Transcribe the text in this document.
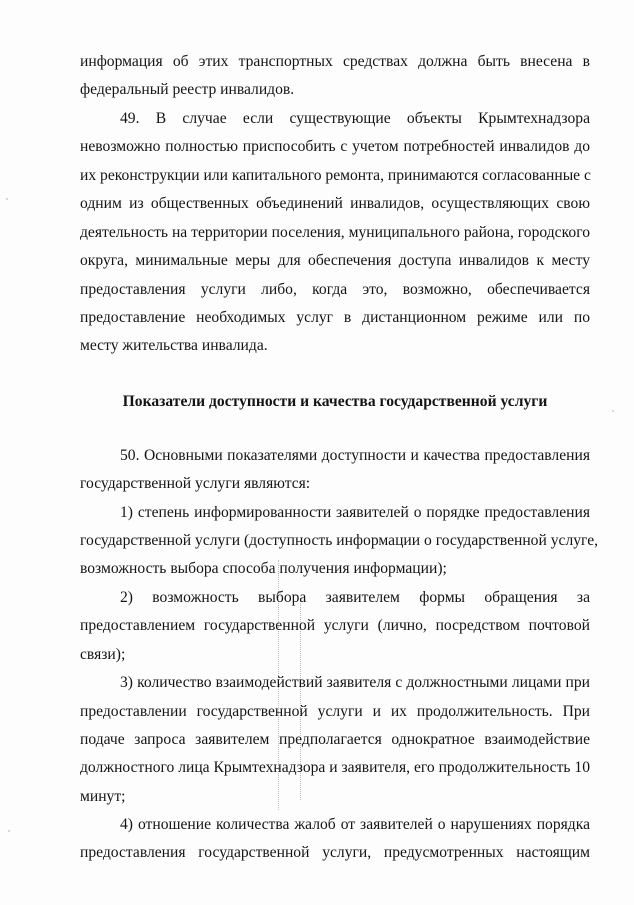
информация об этих транспортных средствах должна быть внесена в
федеральный реестр инвалидов.
49. В случае если существующие объекты Крымтехнадзора
невозможно полностью приспособить с учетом потребностей инвалидов до
их реконструкции или капитального ремонта, принимаются согласованные с
одним из общественных объединений инвалидов, осуществляющих свою
деятельность на территории поселения, муниципального района, городского
округа, минимальные меры для обеспечения доступа инвалидов к месту
предоставления услуги либо, когда это, возможно, обеспечивается
предоставление необходимых услуг в дистанционном режиме или по
месту жительства инвалида.
Показатели доступности и качества государственной услуги
50. Основными показателями доступности и качества предоставления
государственной услуги являются:
1) степень информированности заявителей о порядке предоставления
государственной услуги (доступность информации о государственной услуге,
возможность выбора способа получения информации);
2) возможность выбора заявителем формы обращения за
предоставлением государственной услуги (лично, посредством почтовой
связи);
3) количество взаимодействий заявителя с должностными лицами при
предоставлении государственной услуги и их продолжительность. При
подаче запроса заявителем предполагается однократное взаимодействие
должностного лица Крымтехнадзора и заявителя, его продолжительность 10
минут;
4) отношение количества жалоб от заявителей о нарушениях порядка
предоставления государственной услуги, предусмотренных настоящим
